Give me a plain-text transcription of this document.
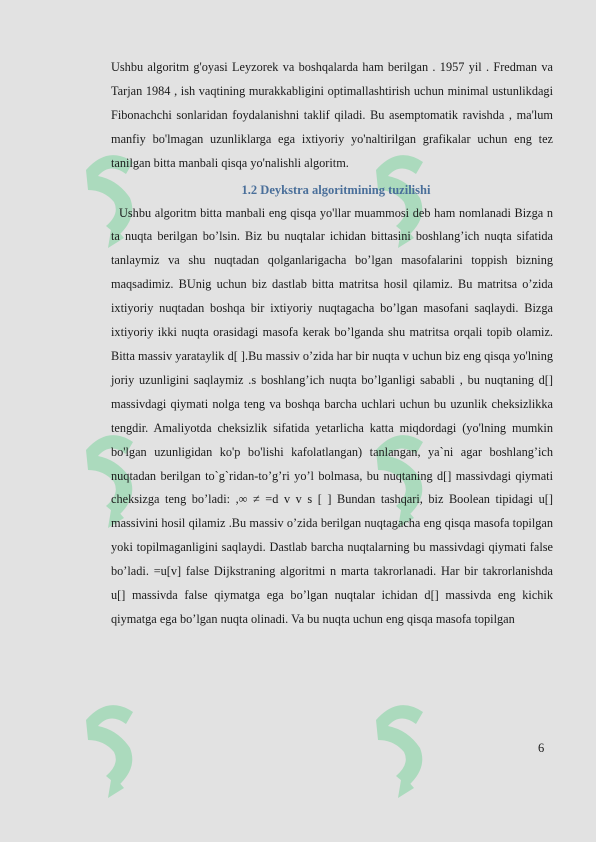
Ushbu algoritm g'oyasi Leyzorek va boshqalarda ham berilgan . 1957 yil . Fredman va Tarjan 1984 , ish vaqtining murakkabligini optimallashtirish uchun minimal ustunlikdagi Fibonachchi sonlaridan foydalanishni taklif qiladi. Bu asemptomatik ravishda , ma'lum manfiy bo'lmagan uzunliklarga ega ixtiyoriy yo'naltirilgan grafikalar uchun eng tez tanilgan bitta manbali qisqa yo'nalishli algoritm.

1.2 Deykstra algoritmining tuzilishi

Ushbu algoritm bitta manbali eng qisqa yo'llar muammosi deb ham nomlanadi Bizga n ta nuqta berilgan bo’lsin. Biz bu nuqtalar ichidan bittasini boshlang’ich nuqta sifatida tanlaymiz va shu nuqtadan qolganlarigacha bo’lgan masofalarini toppish bizning maqsadimiz. BUnig uchun biz dastlab bitta matritsa hosil qilamiz. Bu matritsa o’zida ixtiyoriy nuqtadan boshqa bir ixtiyoriy nuqtagacha bo’lgan masofani saqlaydi. Bizga ixtiyoriy ikki nuqta orasidagi masofa kerak bo’lganda shu matritsa orqali topib olamiz. Bitta massiv yarataylik d[ ].Bu massiv o’zida har bir nuqta v uchun biz eng qisqa yo'lning joriy uzunligini saqlaymiz .s boshlang’ich nuqta bo’lganligi sababli , bu nuqtaning d[] massivdagi qiymati nolga teng va boshqa barcha uchlari uchun bu uzunlik cheksizlikka tengdir. Amaliyotda cheksizlik sifatida yetarlicha katta miqdordagi (yo'lning mumkin bo'lgan uzunligidan ko'p bo'lishi kafolatlangan) tanlangan, ya`ni agar boshlang’ich nuqtadan berilgan to`g`ridan-to’g’ri yo’l bolmasa, bu nuqtaning d[] massivdagi qiymati cheksizga teng bo’ladi: ,∞ ≠ =d v v s [ ] Bundan tashqari, biz Boolean tipidagi u[] massivini hosil qilamiz .Bu massiv o’zida berilgan nuqtagacha eng qisqa masofa topilgan yoki topilmaganligini saqlaydi. Dastlab barcha nuqtalarning bu massivdagi qiymati false bo’ladi. =u[v] false Dijkstraning algoritmi n marta takrorlanadi. Har bir takrorlanishda u[] massivda false qiymatga ega bo’lgan nuqtalar ichidan d[] massivda eng kichik qiymatga ega bo’lgan nuqta olinadi. Va bu nuqta uchun eng qisqa masofa topilgan

6
